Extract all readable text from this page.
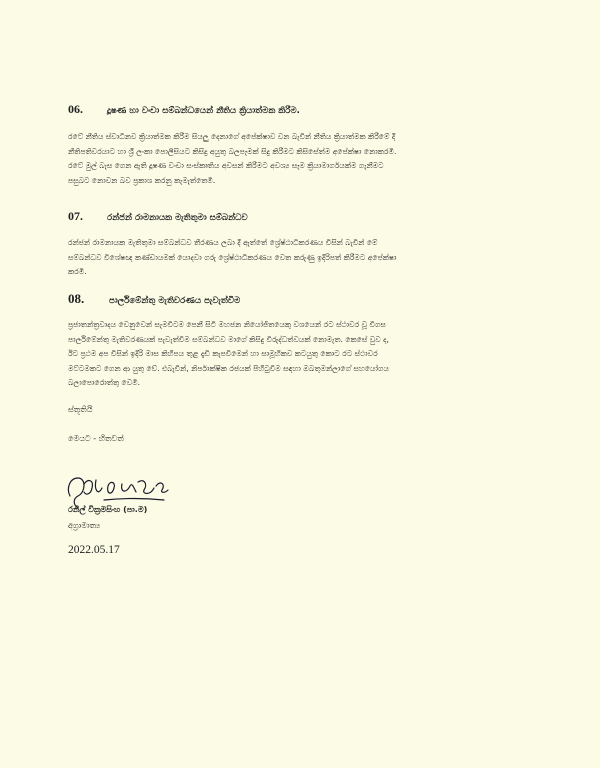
06.	දූෂණ හා වංචා සම්බන්ධයෙන් නීතිය ක්‍රියාත්මක කිරීම.
රටේ නීතිය ස්වාධීනව ක්‍රියාත්මක කිරීම සියලු දෙනාගේ අපේක්ෂාව වන බැවින් නීතිය ක්‍රියාත්මක කිරීමේ දී
නීතිපතිවරයාට හා ශ්‍රී ලංකා පොලීසියට කිසිදු අයුතු බලපෑමක් සිදු කිරීමට කිසිසේත්ම අපේක්ෂා නොකරමි.
රටේ මුල් බැස ගෙන ඇති දූෂණ වංචා සංස්කෘතිය අවසන් කිරීමට අවශ්‍ය සෑම ක්‍රියාමාර්ගයක්ම ගැනීමට
පසුබට නොවන බව ප්‍රකාශ කරනු කැමැත්තෙමි.
07.	රන්ජන් රාමනායක මැතිතුමා සම්බන්ධව
රන්ජන් රාමනායක මැතිතුමා සම්බන්ධව තීරණය ලබා දී ඇත්තේ ශ්‍රේෂ්ඨාධිකරණය විසින් බැවින් මේ
සම්බන්ධව විශේෂඥ කණ්ඩායමක් යොදවා ගරු ශ්‍රේෂ්ඨාධිකරණය වෙත කරුණු ඉදිරිපත් කිරීමට අපේක්ෂා
කරමි.
08.	පාර්ලිමේන්තු මැතිවරණය පැවැත්වීම
ප්‍රජාතන්ත්‍රවාදය වෙනුවෙන් සැමවිටම පෙනී සිටි මහජන නියෝජිතයෙකු වශයෙන් රට ස්ථාවර වූ විගස
පාර්ලිමේන්තු මැතිවරණයක් පැවැත්වීම සම්බන්ධව මාගේ කිසිදු විරුද්ධත්වයක් නොමැත. කෙසේ වුව ද,
ඊට ප්‍රථම අප විසින් ඉදිරි මාස කිහිපය තුළ දැඩි කැපවීමෙන් හා සාමූහිකව කටයුතු කොට රට ස්ථාවර
මට්ටමකට ගෙන ආ යුතු වේ. එබැවින්, නිර්පාක්ෂික රජයක් පිහිටුවීම සඳහා ඔබතුමන්ලාගේ සහයෝගය
බලාපොරොත්තු වෙමි.
ස්තූතියි
මෙයට - හිතවත්
රනිල් වික්‍රමසිංහ (පා.ම)
අග්‍රාමාත්‍ය
2022.05.17
